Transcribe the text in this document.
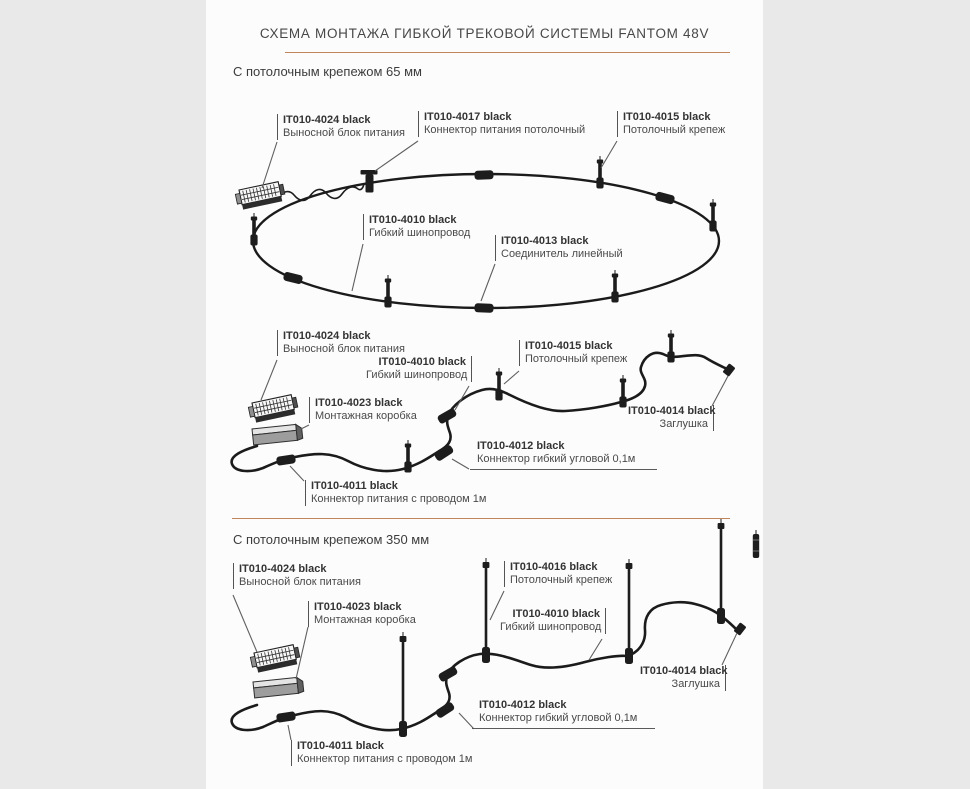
СХЕМА МОНТАЖА ГИБКОЙ ТРЕКОВОЙ СИСТЕМЫ FANTOM 48V
С потолочным крепежом 65 мм
С потолочным крепежом 350 мм
IT010-4024 black
Выносной блок питания
IT010-4017 black
Коннектор питания потолочный
IT010-4015 black
Потолочный крепеж
IT010-4010 black
Гибкий шинопровод
IT010-4013 black
Соединитель линейный
IT010-4024 black
Выносной блок питания
IT010-4023 black
Монтажная коробка
IT010-4010 black
Гибкий шинопровод
IT010-4015 black
Потолочный крепеж
IT010-4014 black
Заглушка
IT010-4012 black
Коннектор гибкий угловой 0,1м
IT010-4011 black
Коннектор питания с проводом 1м
IT010-4024 black
Выносной блок питания
IT010-4023 black
Монтажная коробка
IT010-4016 black
Потолочный крепеж
IT010-4010 black
Гибкий шинопровод
IT010-4014 black
Заглушка
IT010-4012 black
Коннектор гибкий угловой 0,1м
IT010-4011 black
Коннектор питания с проводом 1м
